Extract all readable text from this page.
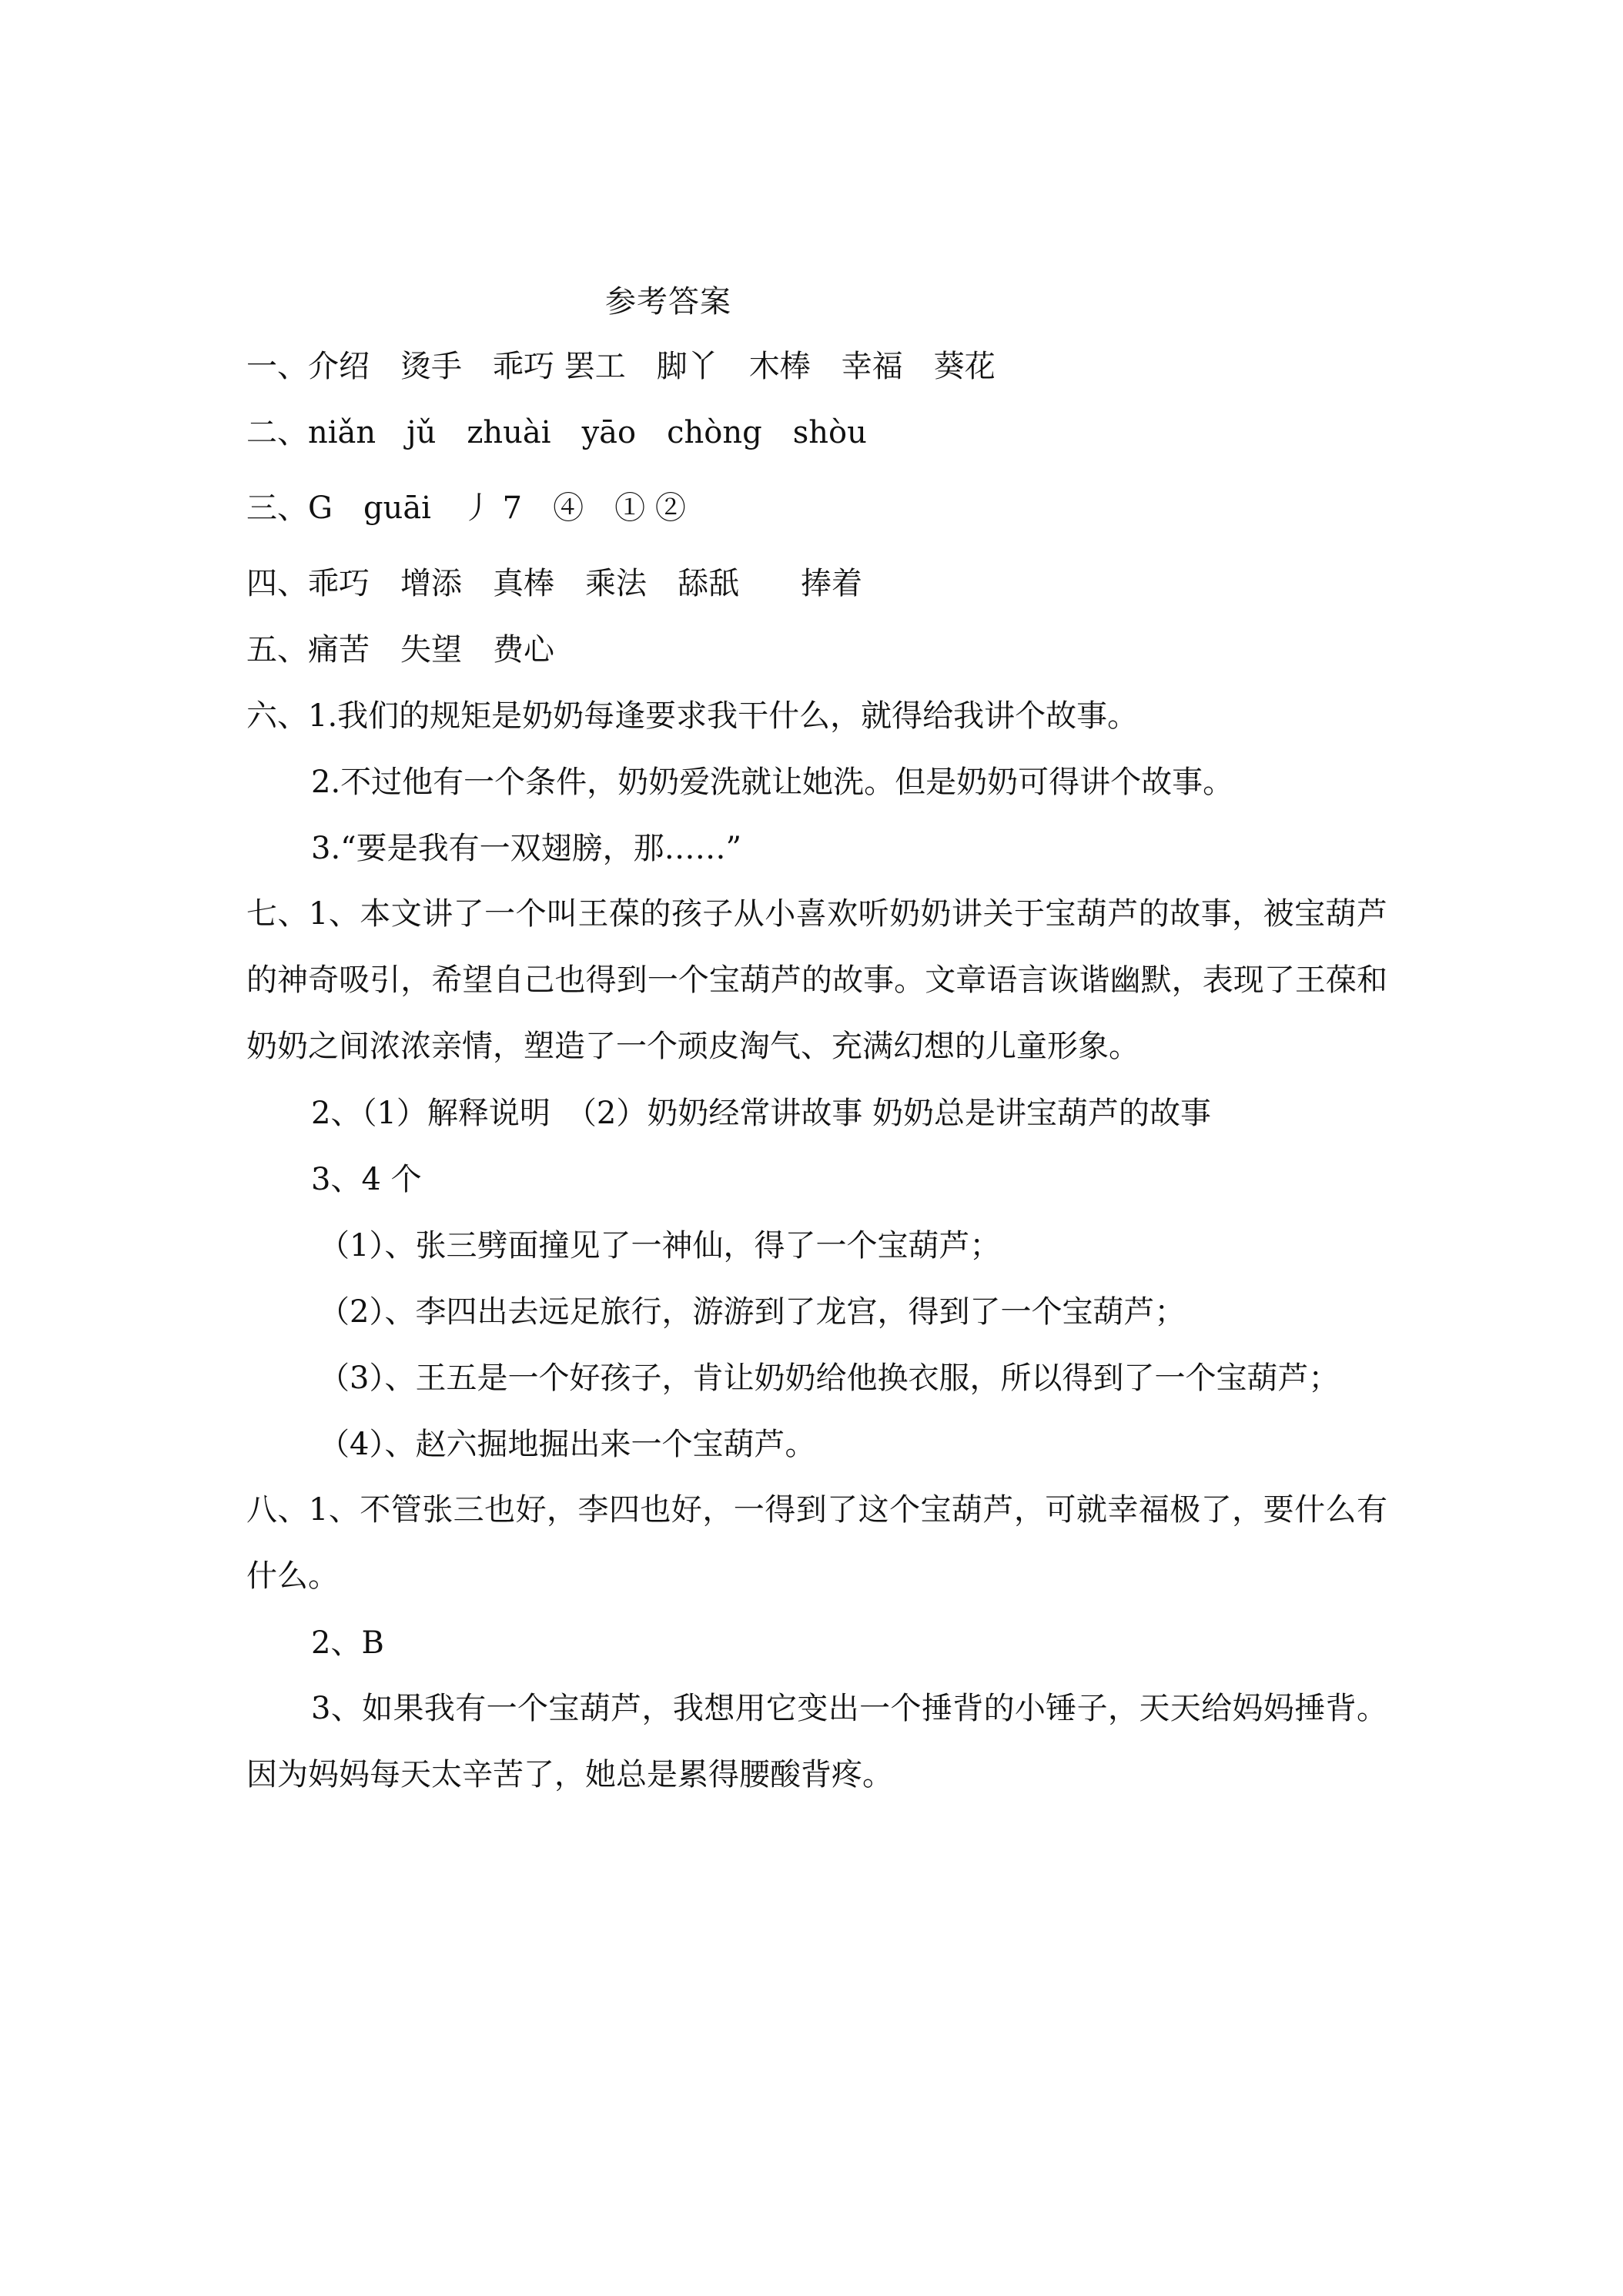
参考答案
一、介绍　烫手　乖巧 罢工　脚丫　木棒　幸福　葵花
二、niǎn　jǔ　zhuài　yāo　chòng　shòu
三、G　guāi　丿 7　④　① ②
四、乖巧　增添　真棒　乘法　舔舐　　捧着
五、痛苦　失望　费心
六、1.我们的规矩是奶奶每逢要求我干什么，就得给我讲个故事。
2.不过他有一个条件，奶奶爱洗就让她洗。但是奶奶可得讲个故事。
3.“要是我有一双翅膀，那……”
七、1、本文讲了一个叫王葆的孩子从小喜欢听奶奶讲关于宝葫芦的故事，被宝葫芦的神奇吸引，希望自己也得到一个宝葫芦的故事。文章语言诙谐幽默，表现了王葆和奶奶之间浓浓亲情，塑造了一个顽皮淘气、充满幻想的儿童形象。
2、（1）解释说明　（2）奶奶经常讲故事 奶奶总是讲宝葫芦的故事
3、4 个
（1）、张三劈面撞见了一神仙，得了一个宝葫芦；
（2）、李四出去远足旅行，游游到了龙宫，得到了一个宝葫芦；
（3）、王五是一个好孩子，肯让奶奶给他换衣服，所以得到了一个宝葫芦；
（4）、赵六掘地掘出来一个宝葫芦。
八、1、不管张三也好，李四也好，一得到了这个宝葫芦，可就幸福极了，要什么有什么。
2、B
3、如果我有一个宝葫芦，我想用它变出一个捶背的小锤子，天天给妈妈捶背。因为妈妈每天太辛苦了，她总是累得腰酸背疼。
